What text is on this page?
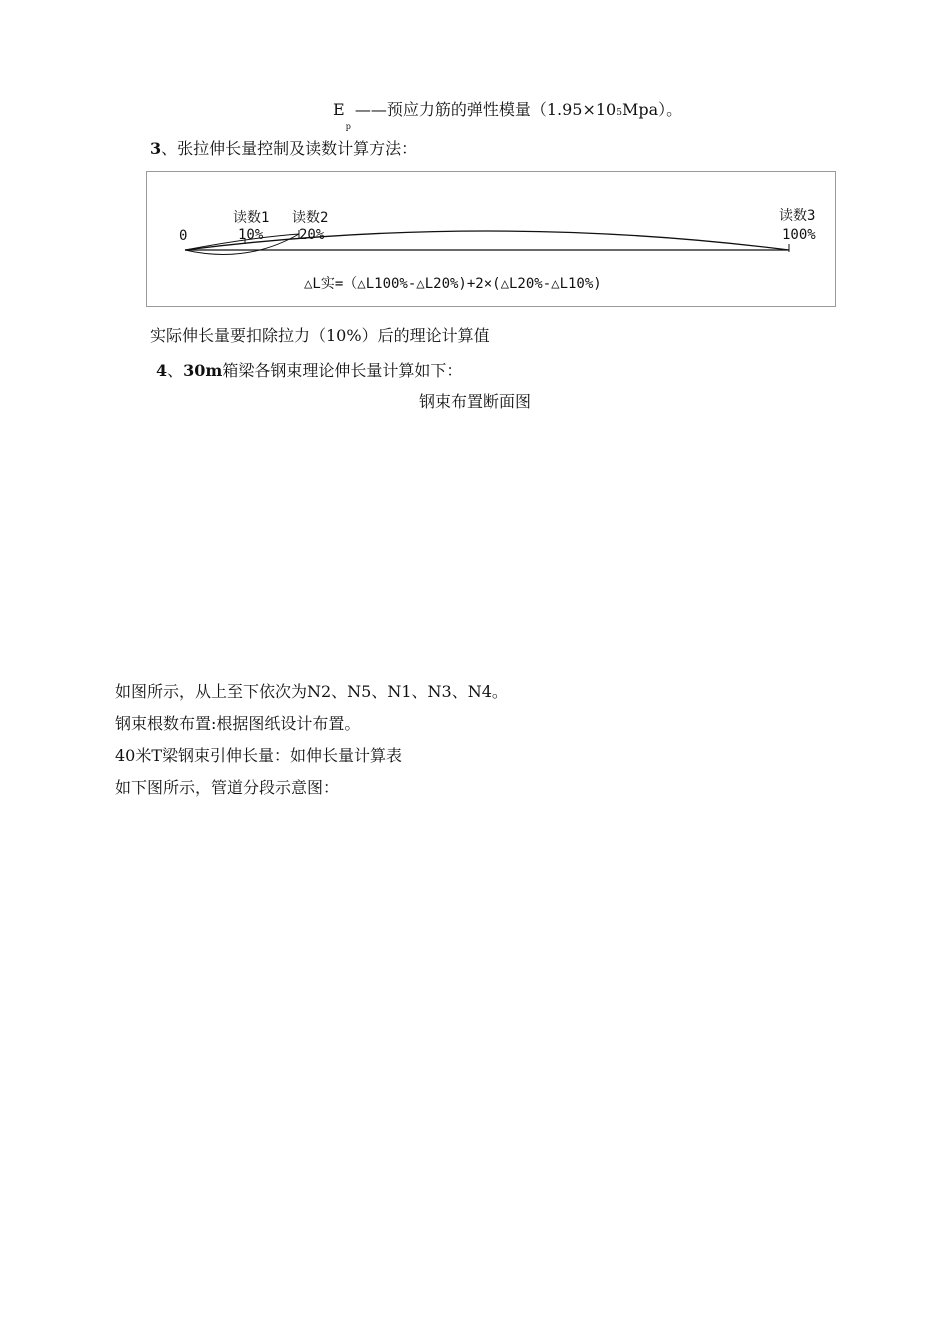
$E_p——$预应力筋的弹性模量（1.95×105Mpa）。
3、张拉伸长量控制及读数计算方法：
0
读数1
10%
读数2
20%
读数3
100%
△L实=（△L100%-△L20%)+2×(△L20%-△L10%)
实际伸长量要扣除拉力（10%）后的理论计算值
4、30m箱梁各钢束理论伸长量计算如下：
钢束布置断面图
如图所示，从上至下依次为N2、N5、N1、N3、N4。
钢束根数布置:根据图纸设计布置。
40米T梁钢束引伸长量：如伸长量计算表
如下图所示，管道分段示意图：
